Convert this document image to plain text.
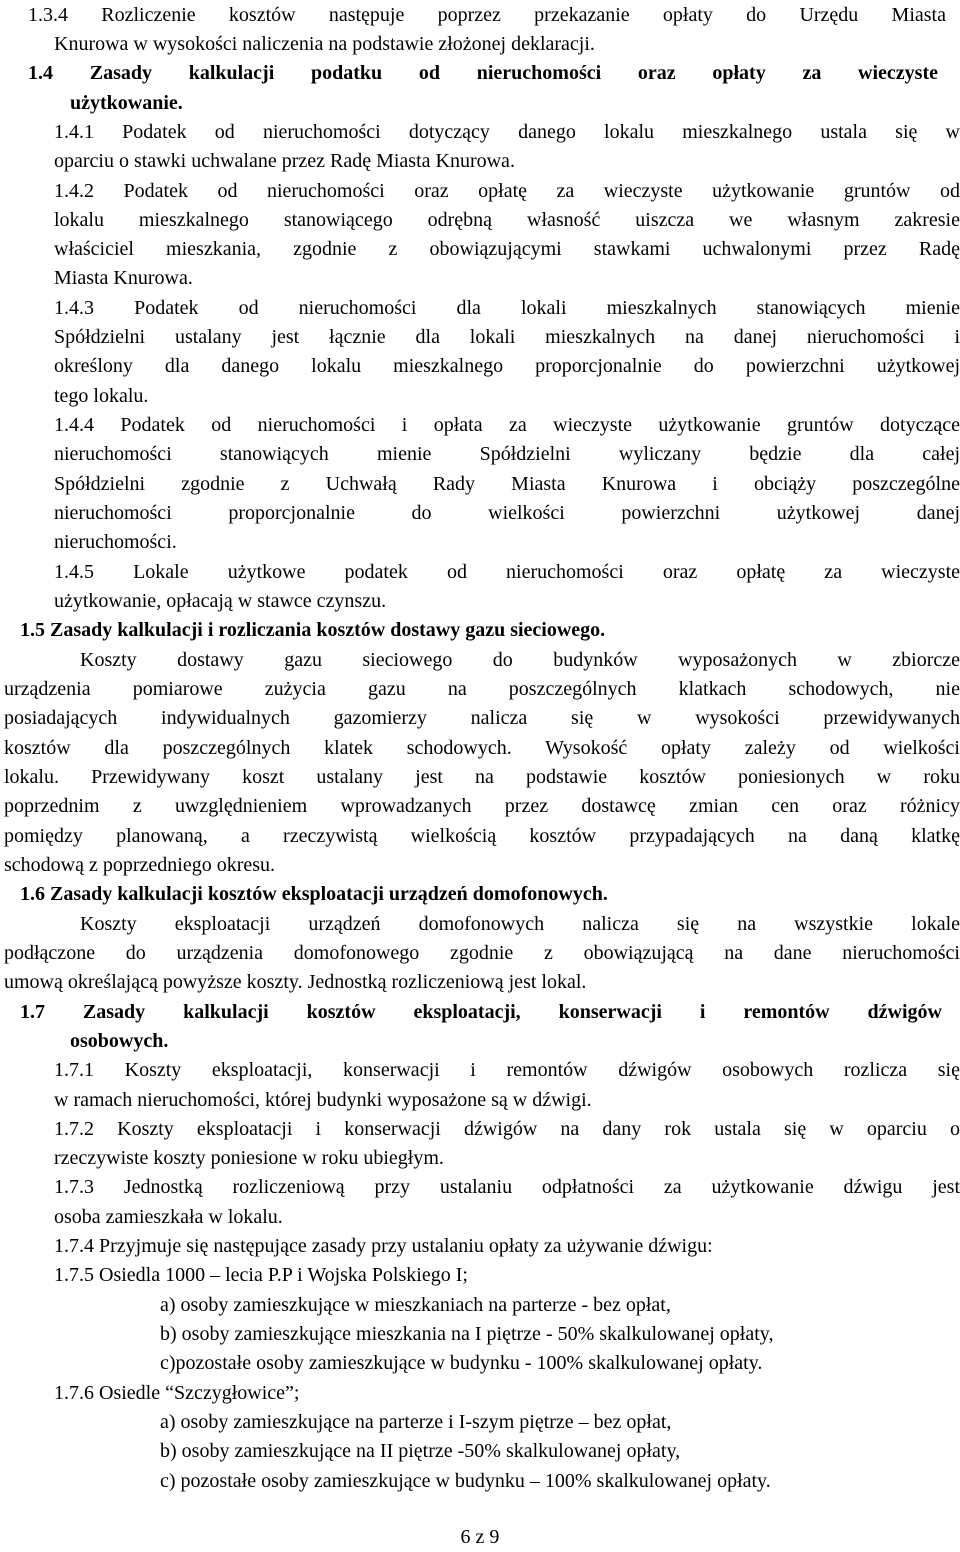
1.3.4 Rozliczenie kosztów następuje poprzez przekazanie opłaty do Urzędu Miasta

Knurowa w wysokości naliczenia na podstawie złożonej deklaracji.

1.4 Zasady kalkulacji podatku od nieruchomości oraz opłaty za wieczyste

użytkowanie.

1.4.1 Podatek od nieruchomości dotyczący danego lokalu mieszkalnego ustala się w

oparciu o stawki uchwalane przez Radę Miasta Knurowa.

1.4.2 Podatek od nieruchomości oraz opłatę za wieczyste użytkowanie gruntów od

lokalu mieszkalnego stanowiącego odrębną własność uiszcza we własnym zakresie

właściciel mieszkania, zgodnie z obowiązującymi stawkami uchwalonymi przez Radę

Miasta Knurowa.

1.4.3 Podatek od nieruchomości dla lokali mieszkalnych stanowiących mienie

Spółdzielni ustalany jest łącznie dla lokali mieszkalnych na danej nieruchomości i

określony dla danego lokalu mieszkalnego proporcjonalnie do powierzchni użytkowej

tego lokalu.

1.4.4 Podatek od nieruchomości i opłata za wieczyste użytkowanie gruntów dotyczące

nieruchomości stanowiących mienie Spółdzielni wyliczany będzie dla całej

Spółdzielni zgodnie z Uchwałą Rady Miasta Knurowa i obciąży poszczególne

nieruchomości proporcjonalnie do wielkości powierzchni użytkowej danej

nieruchomości.

1.4.5 Lokale użytkowe podatek od nieruchomości oraz opłatę za wieczyste

użytkowanie, opłacają w stawce czynszu.

1.5 Zasady kalkulacji i rozliczania kosztów dostawy gazu sieciowego.

Koszty dostawy gazu sieciowego do budynków wyposażonych w zbiorcze

urządzenia pomiarowe zużycia gazu na poszczególnych klatkach schodowych, nie

posiadających indywidualnych gazomierzy nalicza się w wysokości przewidywanych

kosztów dla poszczególnych klatek schodowych. Wysokość opłaty zależy od wielkości

lokalu. Przewidywany koszt ustalany jest na podstawie kosztów poniesionych w roku

poprzednim z uwzględnieniem wprowadzanych przez dostawcę zmian cen oraz różnicy

pomiędzy planowaną, a rzeczywistą wielkością kosztów przypadających na daną klatkę

schodową z poprzedniego okresu.

1.6 Zasady kalkulacji kosztów eksploatacji urządzeń domofonowych.

Koszty eksploatacji urządzeń domofonowych nalicza się na wszystkie lokale

podłączone do urządzenia domofonowego zgodnie z obowiązującą na dane nieruchomości

umową określającą powyższe koszty. Jednostką rozliczeniową jest lokal.

1.7 Zasady kalkulacji kosztów eksploatacji, konserwacji i remontów dźwigów

osobowych.

1.7.1 Koszty eksploatacji, konserwacji i remontów dźwigów osobowych rozlicza się

w ramach nieruchomości, której budynki wyposażone są w dźwigi.

1.7.2 Koszty eksploatacji i konserwacji dźwigów na dany rok ustala się w oparciu o

rzeczywiste koszty poniesione w roku ubiegłym.

1.7.3 Jednostką rozliczeniową przy ustalaniu odpłatności za użytkowanie dźwigu jest

osoba zamieszkała w lokalu.

1.7.4 Przyjmuje się następujące zasady przy ustalaniu opłaty za używanie dźwigu:

1.7.5 Osiedla 1000 – lecia P.P i Wojska Polskiego I;

a) osoby zamieszkujące w mieszkaniach na parterze - bez opłat,

b) osoby zamieszkujące mieszkania na I piętrze - 50% skalkulowanej opłaty,

c)pozostałe osoby zamieszkujące w budynku - 100% skalkulowanej opłaty.

1.7.6 Osiedle “Szczygłowice”;

a) osoby zamieszkujące na parterze i I-szym piętrze – bez opłat,

b) osoby zamieszkujące na II piętrze -50% skalkulowanej opłaty,

c) pozostałe osoby zamieszkujące w budynku – 100% skalkulowanej opłaty.

6 z 9
